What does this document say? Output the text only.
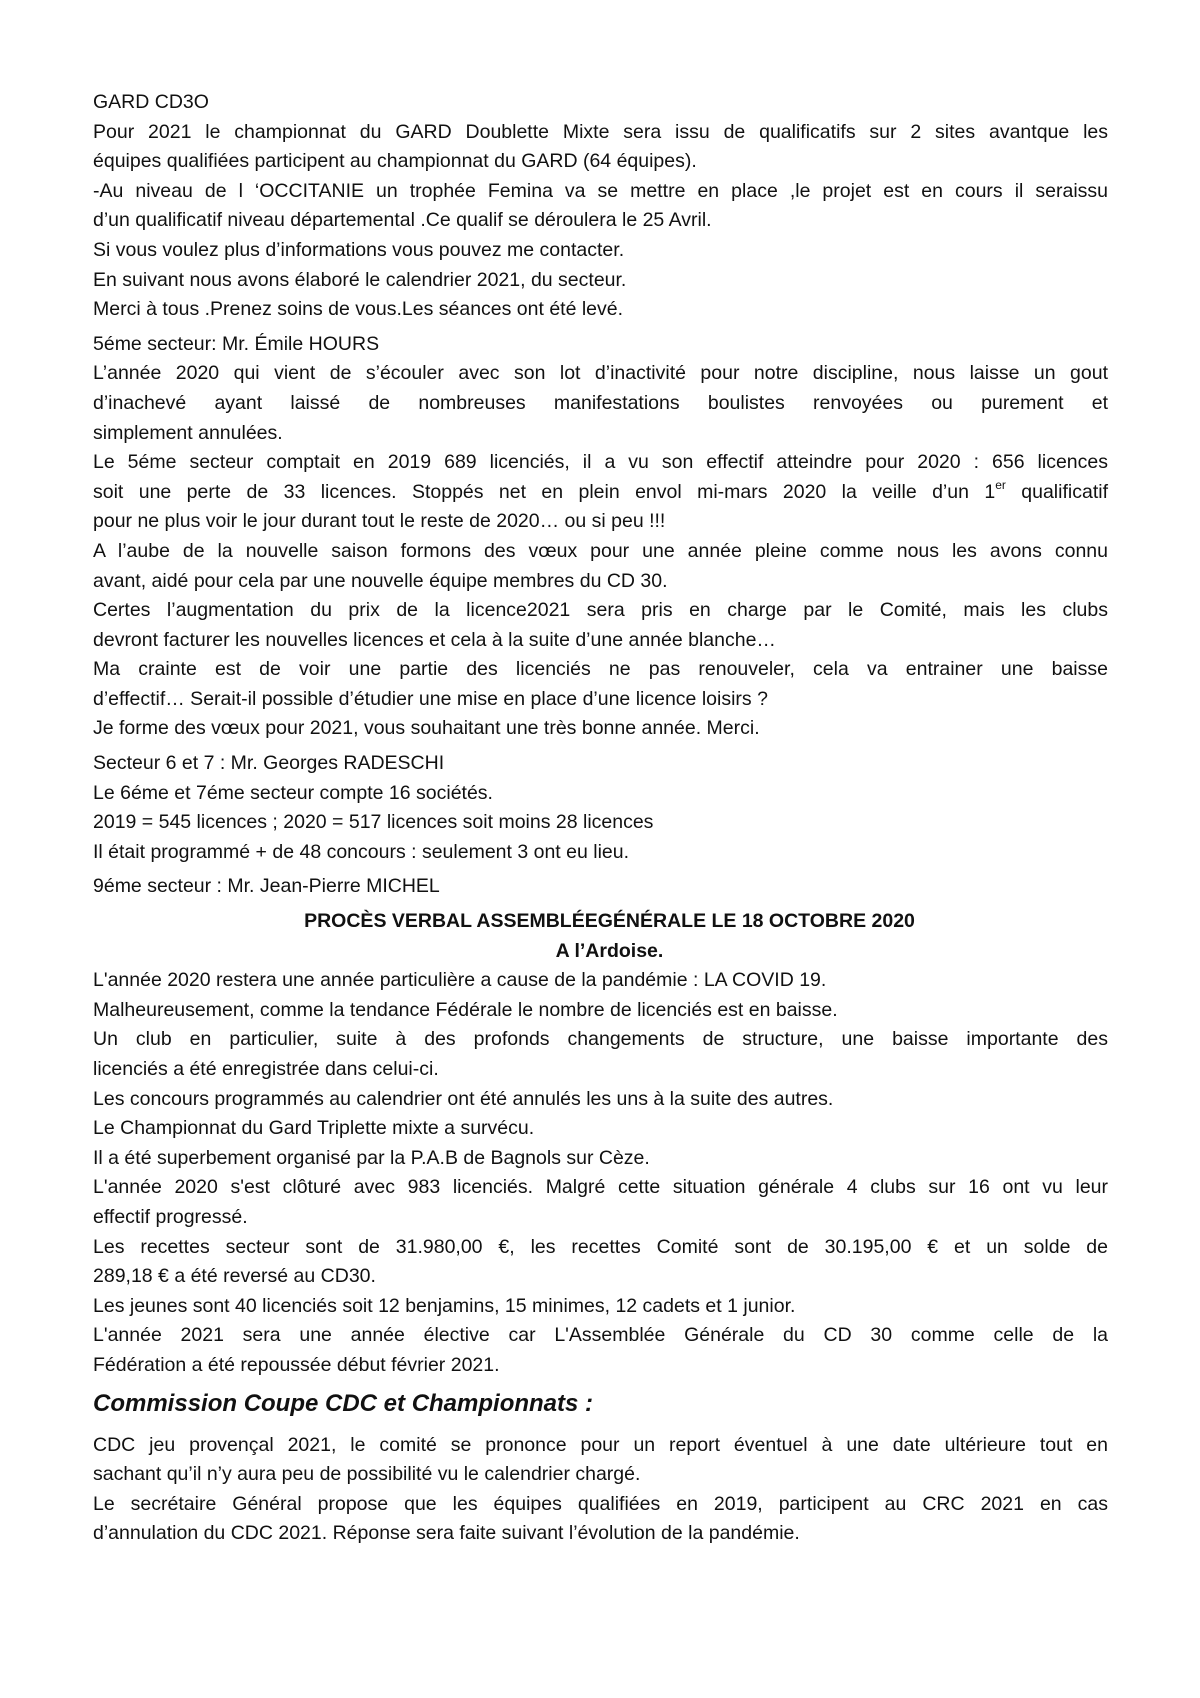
GARD CD3O
Pour 2021 le championnat du GARD Doublette Mixte sera issu de qualificatifs sur 2 sites avantque les
équipes qualifiées participent au championnat du GARD (64 équipes).
-Au niveau de l ‘OCCITANIE un trophée Femina va se mettre en place ,le projet est en cours il seraissu
d’un qualificatif niveau départemental .Ce qualif se déroulera le 25 Avril.
Si vous voulez plus d’informations vous pouvez me contacter.
En suivant nous avons élaboré le calendrier 2021, du secteur.
Merci à tous .Prenez soins de vous.Les séances ont été levé.
5éme secteur: Mr. Émile HOURS
L’année 2020 qui vient de s’écouler avec son lot d’inactivité pour notre discipline, nous laisse un gout
d’inachevé ayant laissé de nombreuses manifestations boulistes renvoyées ou purement et
simplement annulées.
Le 5éme secteur comptait en 2019 689 licenciés, il a vu son effectif atteindre pour 2020 : 656 licences
soit une perte de 33 licences. Stoppés net en plein envol mi-mars 2020 la veille d’un 1er qualificatif
pour ne plus voir le jour durant tout le reste de 2020… ou si peu !!!
A l’aube de la nouvelle saison formons des vœux pour une année pleine comme nous les avons connu
avant, aidé pour cela par une nouvelle équipe membres du CD 30.
Certes l’augmentation du prix de la licence2021 sera pris en charge par le Comité, mais les clubs
devront facturer les nouvelles licences et cela à la suite d’une année blanche…
Ma crainte est de voir une partie des licenciés ne pas renouveler, cela va entrainer une baisse
d’effectif… Serait-il possible d’étudier une mise en place d’une licence loisirs ?
Je forme des vœux pour 2021, vous souhaitant une très bonne année. Merci.
Secteur 6 et 7 : Mr. Georges RADESCHI
Le 6éme et 7éme secteur compte 16 sociétés.
2019 = 545 licences ; 2020 = 517 licences soit moins 28 licences
Il était programmé + de 48 concours : seulement 3 ont eu lieu.
9éme secteur : Mr. Jean-Pierre MICHEL
PROCÈS VERBAL ASSEMBLÉEGÉNÉRALE LE 18 OCTOBRE 2020
A l’Ardoise.
L'année 2020 restera une année particulière a cause de la pandémie : LA COVID 19.
Malheureusement, comme la tendance Fédérale le nombre de licenciés est en baisse.
Un club en particulier, suite à des profonds changements de structure, une baisse importante des
licenciés a été enregistrée dans celui-ci.
Les concours programmés au calendrier ont été annulés les uns à la suite des autres.
Le Championnat du Gard Triplette mixte a survécu.
Il a été superbement organisé par la P.A.B de Bagnols sur Cèze.
L'année 2020 s'est clôturé avec 983 licenciés. Malgré cette situation générale 4 clubs sur 16 ont vu leur
effectif progressé.
Les recettes secteur sont de 31.980,00 €, les recettes Comité sont de 30.195,00 € et un solde de
289,18 € a été reversé au CD30.
Les jeunes sont 40 licenciés soit 12 benjamins, 15 minimes, 12 cadets et 1 junior.
L'année 2021 sera une année élective car L'Assemblée Générale du CD 30 comme celle de la
Fédération a été repoussée début février 2021.
Commission Coupe CDC et Championnats :
CDC jeu provençal 2021, le comité se prononce pour un report éventuel à une date ultérieure tout en
sachant qu’il n’y aura peu de possibilité vu le calendrier chargé.
Le secrétaire Général propose que les équipes qualifiées en 2019, participent au CRC 2021 en cas
d’annulation du CDC 2021. Réponse sera faite suivant l’évolution de la pandémie.
